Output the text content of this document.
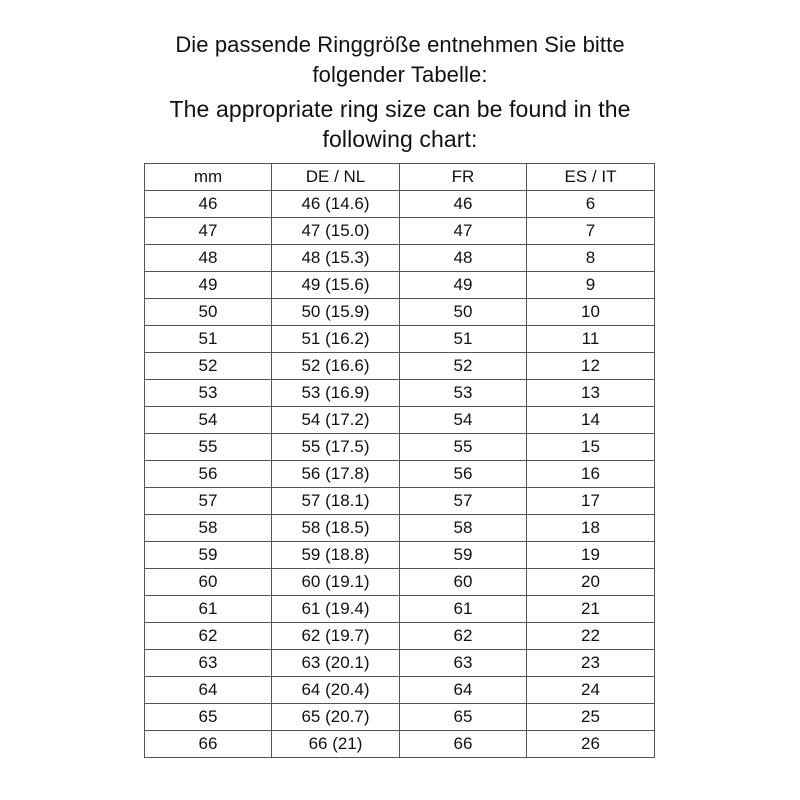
Die passende Ringgröße entnehmen Sie bitte
folgender Tabelle:
The appropriate ring size can be found in the
following chart:
mm	DE / NL	FR	ES / IT
46	46 (14.6)	46	6
47	47 (15.0)	47	7
48	48 (15.3)	48	8
49	49 (15.6)	49	9
50	50 (15.9)	50	10
51	51 (16.2)	51	11
52	52 (16.6)	52	12
53	53 (16.9)	53	13
54	54 (17.2)	54	14
55	55 (17.5)	55	15
56	56 (17.8)	56	16
57	57 (18.1)	57	17
58	58 (18.5)	58	18
59	59 (18.8)	59	19
60	60 (19.1)	60	20
61	61 (19.4)	61	21
62	62 (19.7)	62	22
63	63 (20.1)	63	23
64	64 (20.4)	64	24
65	65 (20.7)	65	25
66	66 (21)	66	26
